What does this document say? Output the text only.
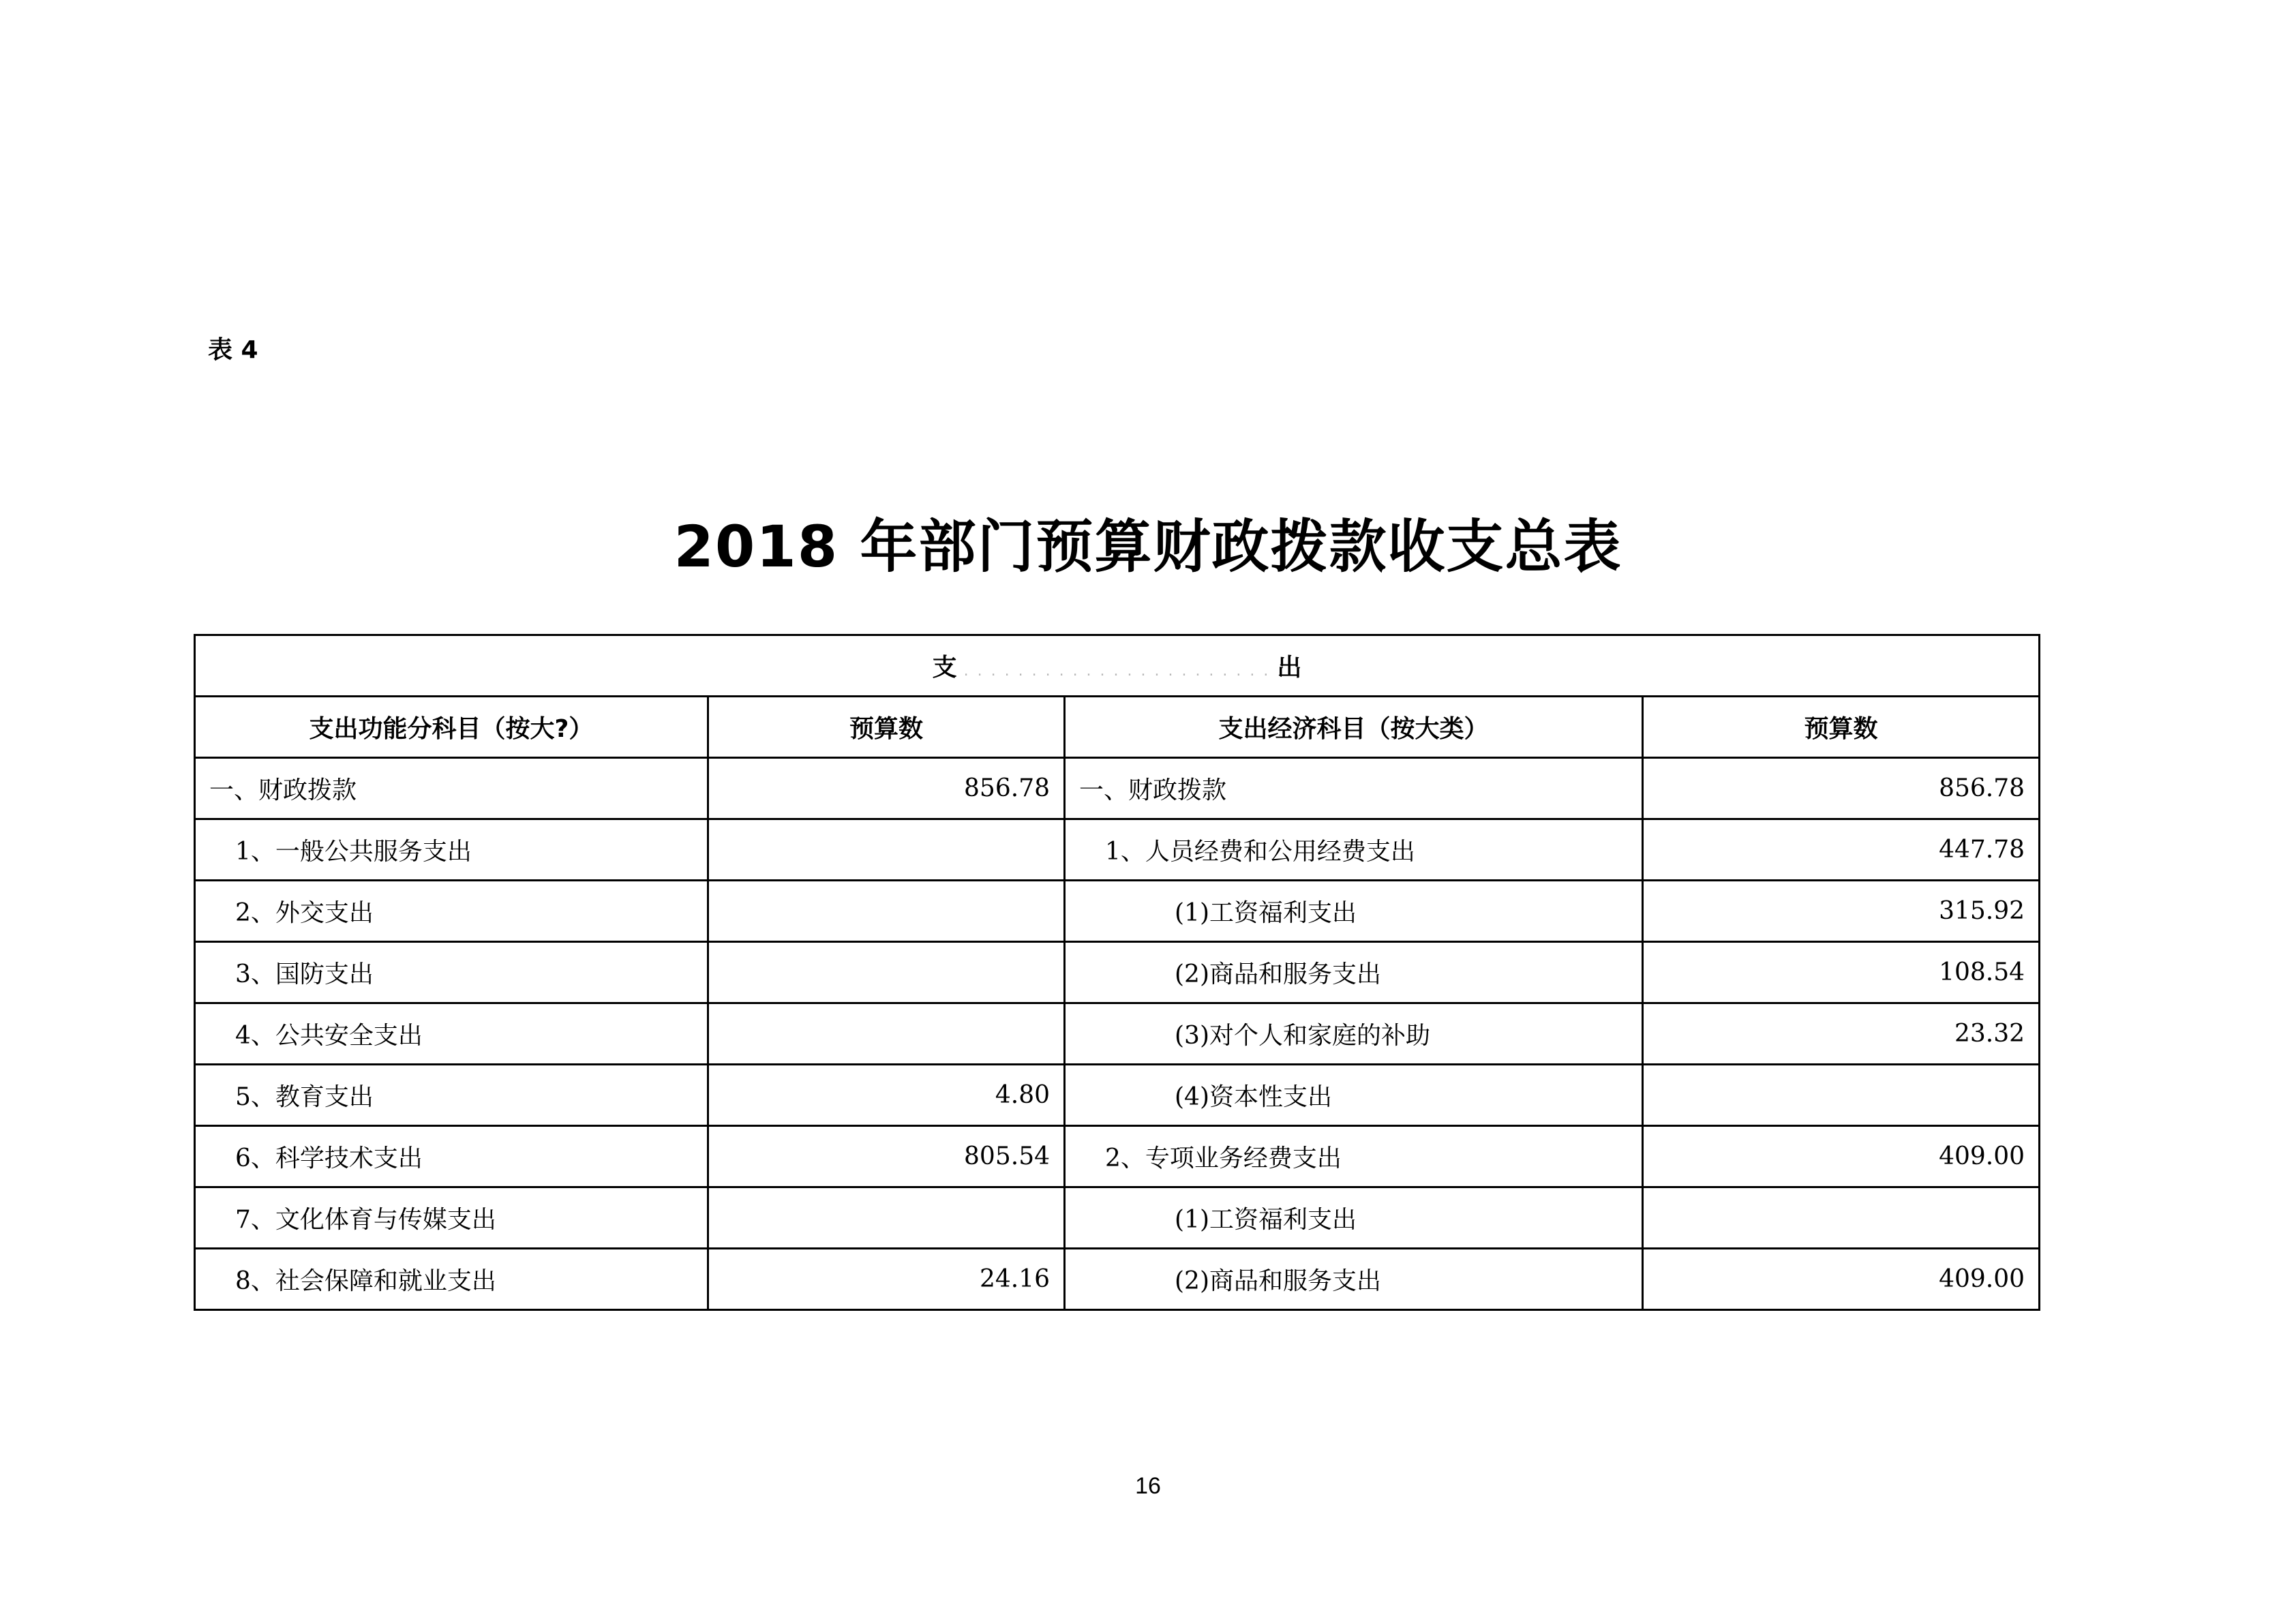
表 4
2018 年部门预算财政拨款收支总表
支 . . . . . . . . . . . . . . . . . . . . . . . 出			
支出功能分科目（按大?）	预算数	支出经济科目（按大类）	预算数
一、财政拨款	856.78	一、财政拨款	856.78
1、一般公共服务支出		1、人员经费和公用经费支出	447.78
2、外交支出		(1)工资福利支出	315.92
3、国防支出		(2)商品和服务支出	108.54
4、公共安全支出		(3)对个人和家庭的补助	23.32
5、教育支出	4.80	(4)资本性支出	
6、科学技术支出	805.54	2、专项业务经费支出	409.00
7、文化体育与传媒支出		(1)工资福利支出	
8、社会保障和就业支出	24.16	(2)商品和服务支出	409.00
16
